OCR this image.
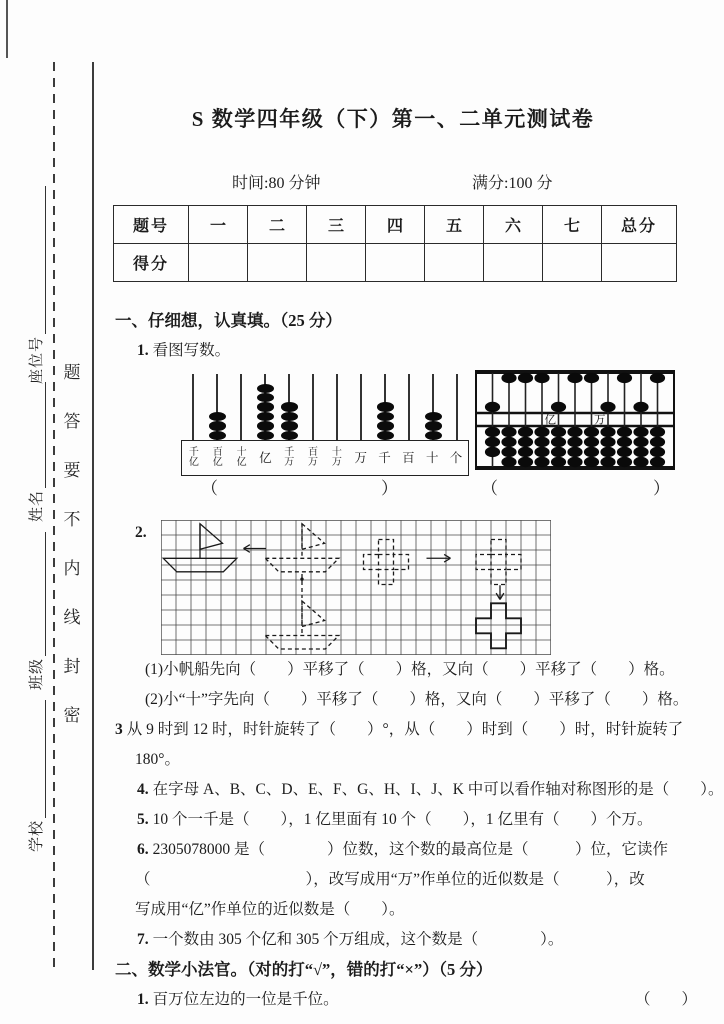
题
答
要
不
内
线
封
密
座位号
姓名
班级
学校
S 数学四年级（下）第一、二单元测试卷
时间:80 分钟	满分:100 分
题号	一	二	三	四	五	六	七	总分
得分								

一、仔细想，认真填。（25 分）

1. 看图写数。

千
亿
百
亿
十
亿 亿 千
万
百
万
十
万 万 千 百 十 个
亿	万
（	）	（	）
2.

(1)小帆船先向（　　）平移了（　　）格，又向（　　）平移了（　　）格。

(2)小“十”字先向（　　）平移了（　　）格，又向（　　）平移了（　　）格。

3 从 9 时到 12 时，时针旋转了（　　）°，从（　　）时到（　　）时，时针旋转了

180°。

4. 在字母 A、B、C、D、E、F、G、H、I、J、K 中可以看作轴对称图形的是（　　）。

5. 10 个一千是（　　），1 亿里面有 10 个（　　），1 亿里有（　　）个万。

6. 2305078000 是（　　　　）位数，这个数的最高位是（　　　）位，它读作

（　　　　　　　　　　），改写成用“万”作单位的近似数是（　　　），改

写成用“亿”作单位的近似数是（　　）。

7. 一个数由 305 个亿和 305 个万组成，这个数是（　　　　）。

二、数学小法官。（对的打“√”，错的打“×”）（5 分）

1. 百万位左边的一位是千位。	（　　）
